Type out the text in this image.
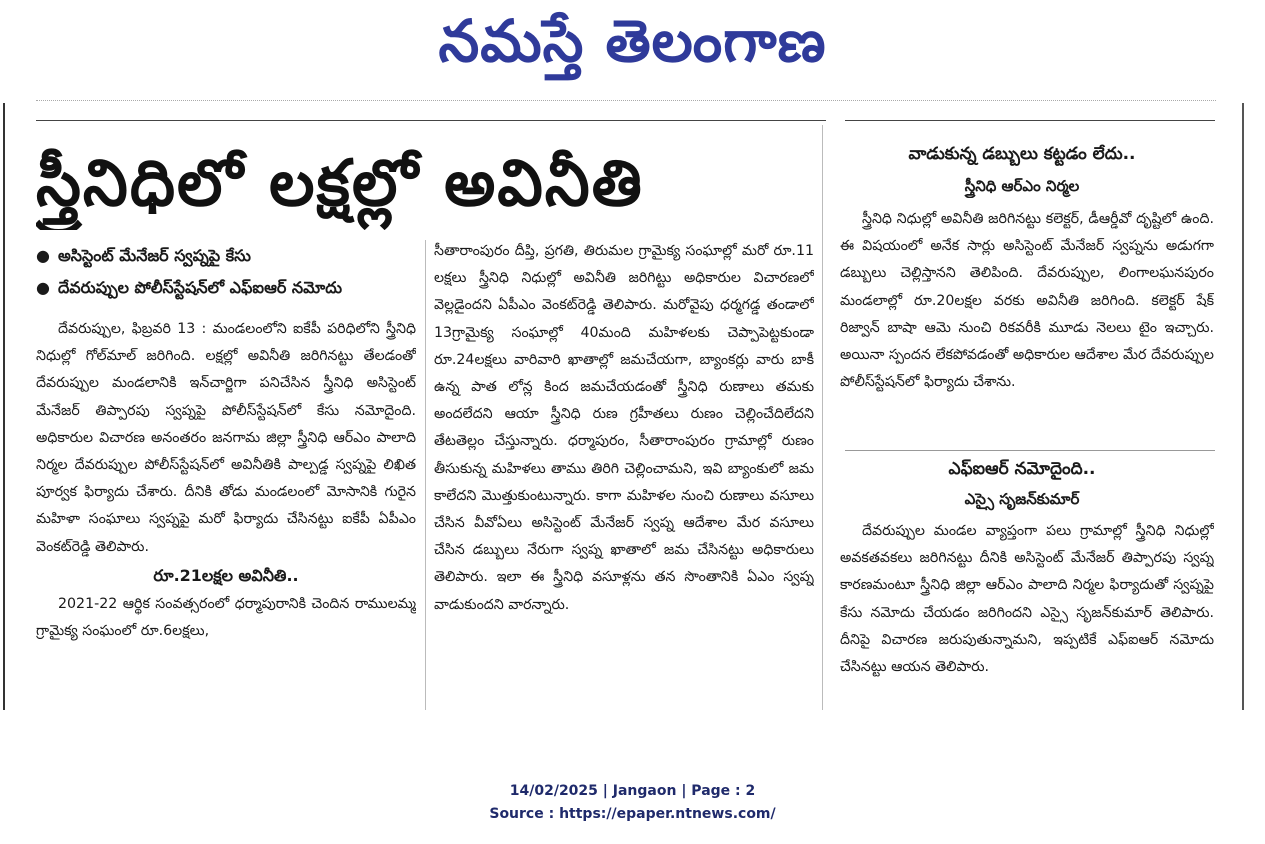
నమస్తే తెలంగాణ
స్త్రీనిధిలో లక్షల్లో అవినీతి
● అసిస్టెంట్ మేనేజర్ స్వప్నపై కేసు
● దేవరుప్పుల పోలీస్‌స్టేషన్‌లో ఎఫ్ఐఆర్ నమోదు

దేవరుప్పుల, ఫిబ్రవరి 13 : మండలంలోని ఐకేపీ పరిధిలోని స్త్రీనిధి నిధుల్లో గోల్‌మాల్ జరిగింది. లక్షల్లో అవినీతి జరిగినట్టు తేలడంతో దేవరుప్పుల మండలానికి ఇన్‌చార్జిగా పనిచేసిన స్త్రీనిధి అసిస్టెంట్ మేనేజర్ తిప్పారపు స్వప్నపై పోలీస్‌స్టేషన్‌లో కేసు నమోదైంది. అధికారుల విచారణ అనంతరం జనగామ జిల్లా స్త్రీనిధి ఆర్ఎం పాలాది నిర్మల దేవరుప్పుల పోలీస్‌స్టేషన్‌లో అవినీతికి పాల్పడ్డ స్వప్నపై లిఖిత పూర్వక ఫిర్యాదు చేశారు. దీనికి తోడు మండలంలో మోసానికి గురైన మహిళా సంఘాలు స్వప్నపై మరో ఫిర్యాదు చేసినట్టు ఐకేపీ ఏపీఎం వెంకట్‌రెడ్డి తెలిపారు.

రూ.21లక్షల అవినీతి..

2021-22 ఆర్థిక సంవత్సరంలో ధర్మాపురానికి చెందిన రాములమ్మ గ్రామైక్య సంఘంలో రూ.6లక్షలు,

సీతారాంపురం దీప్తి, ప్రగతి, తిరుమల గ్రామైక్య సంఘాల్లో మరో రూ.11 లక్షలు స్త్రీనిధి నిధుల్లో అవినీతి జరిగిట్టు అధికారుల విచారణలో వెల్లడైందని ఏపీఎం వెంకట్‌రెడ్డి తెలిపారు. మరోవైపు ధర్మగడ్డ తండాలో 13గ్రామైక్య సంఘాల్లో 40మంది మహిళలకు చెప్పాపెట్టకుండా రూ.24లక్షలు వారివారి ఖాతాల్లో జమచేయగా, బ్యాంకర్లు వారు బాకీ ఉన్న పాత లోన్ల కింద జమచేయడంతో స్త్రీనిధి రుణాలు తమకు అందలేదని ఆయా స్త్రీనిధి రుణ గ్రహీతలు రుణం చెల్లించేదిలేదని తేటతెల్లం చేస్తున్నారు. ధర్మాపురం, సీతారాంపురం గ్రామాల్లో రుణం తీసుకున్న మహిళలు తాము తిరిగి చెల్లించామని, ఇవి బ్యాంకులో జమ కాలేదని మొత్తుకుంటున్నారు. కాగా మహిళల నుంచి రుణాలు వసూలు చేసిన వీవోఏలు అసిస్టెంట్ మేనేజర్ స్వప్న ఆదేశాల మేర వసూలు చేసిన డబ్బులు నేరుగా స్వప్న ఖాతాలో జమ చేసినట్టు అధికారులు తెలిపారు. ఇలా ఈ స్త్రీనిధి వసూళ్లను తన సొంతానికి ఏఎం స్వప్న వాడుకుందని వారన్నారు.

వాడుకున్న డబ్బులు కట్టడం లేదు..
స్త్రీనిధి ఆర్ఎం నిర్మల

స్త్రీనిధి నిధుల్లో అవినీతి జరిగినట్టు కలెక్టర్, డీఆర్డీవో దృష్టిలో ఉంది. ఈ విషయంలో అనేక సార్లు అసిస్టెంట్ మేనేజర్ స్వప్నను అడుగగా డబ్బులు చెల్లిస్తానని తెలిపింది. దేవరుప్పుల, లింగాలఘనపురం మండలాల్లో రూ.20లక్షల వరకు అవినీతి జరిగింది. కలెక్టర్ షేక్ రిజ్వాన్ బాషా ఆమె నుంచి రికవరీకి మూడు నెలలు టైం ఇచ్చారు. అయినా స్పందన లేకపోవడంతో అధికారుల ఆదేశాల మేర దేవరుప్పుల పోలీస్‌స్టేషన్‌లో ఫిర్యాదు చేశాను.

ఎఫ్ఐఆర్ నమోదైంది..
ఎస్సై సృజన్‌కుమార్

దేవరుప్పుల మండల వ్యాప్తంగా పలు గ్రామాల్లో స్త్రీనిధి నిధుల్లో అవకతవకలు జరిగినట్టు దీనికి అసిస్టెంట్ మేనేజర్ తిప్పారపు స్వప్న కారణమంటూ స్త్రీనిధి జిల్లా ఆర్ఎం పాలాది నిర్మల ఫిర్యాదుతో స్వప్నపై కేసు నమోదు చేయడం జరిగిందని ఎస్సై సృజన్‌కుమార్ తెలిపారు. దీనిపై విచారణ జరుపుతున్నామని, ఇప్పటికే ఎఫ్ఐఆర్ నమోదు చేసినట్టు ఆయన తెలిపారు.

14/02/2025 | Jangaon | Page : 2
Source : https://epaper.ntnews.com/
